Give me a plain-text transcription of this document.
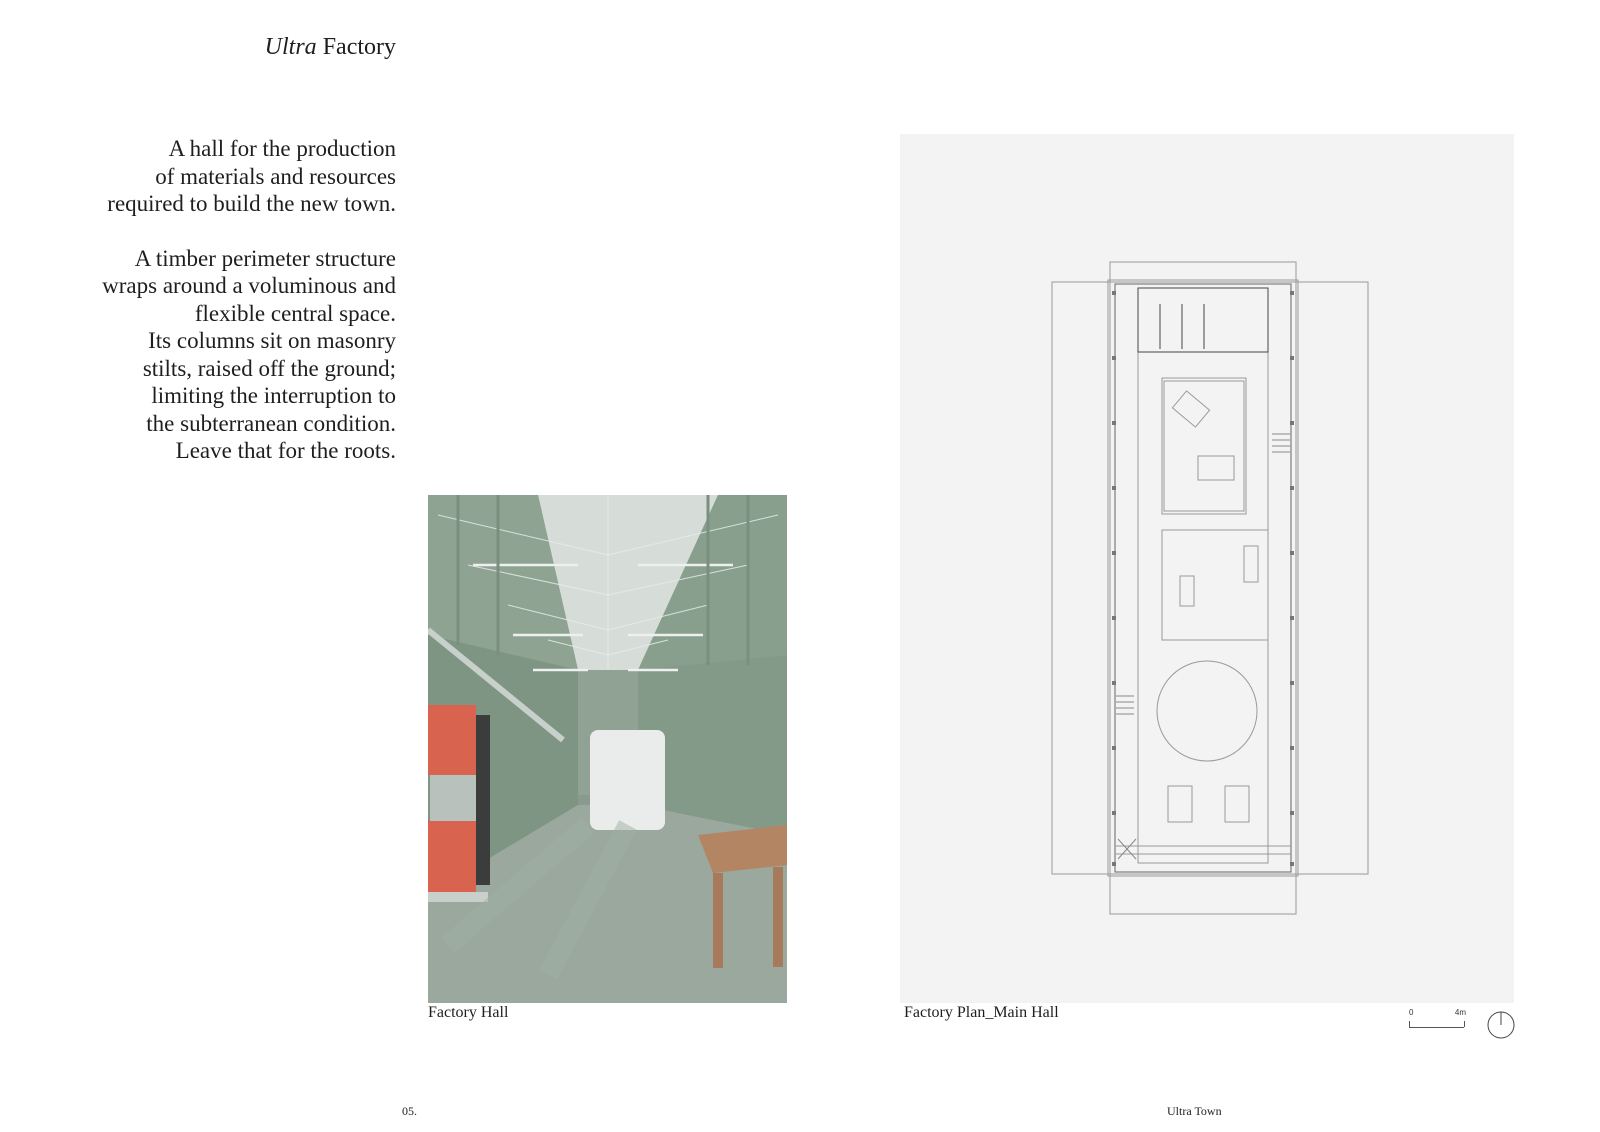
Ultra Factory

A hall for the production
of materials and resources
required to build the new town.

A timber perimeter structure
wraps around a voluminous and
flexible central space.
Its columns sit on masonry
stilts, raised off the ground;
limiting the interruption to
the subterranean condition.
Leave that for the roots.

Factory Hall	Factory Plan_Main Hall	0	4m
05.	Ultra Town
